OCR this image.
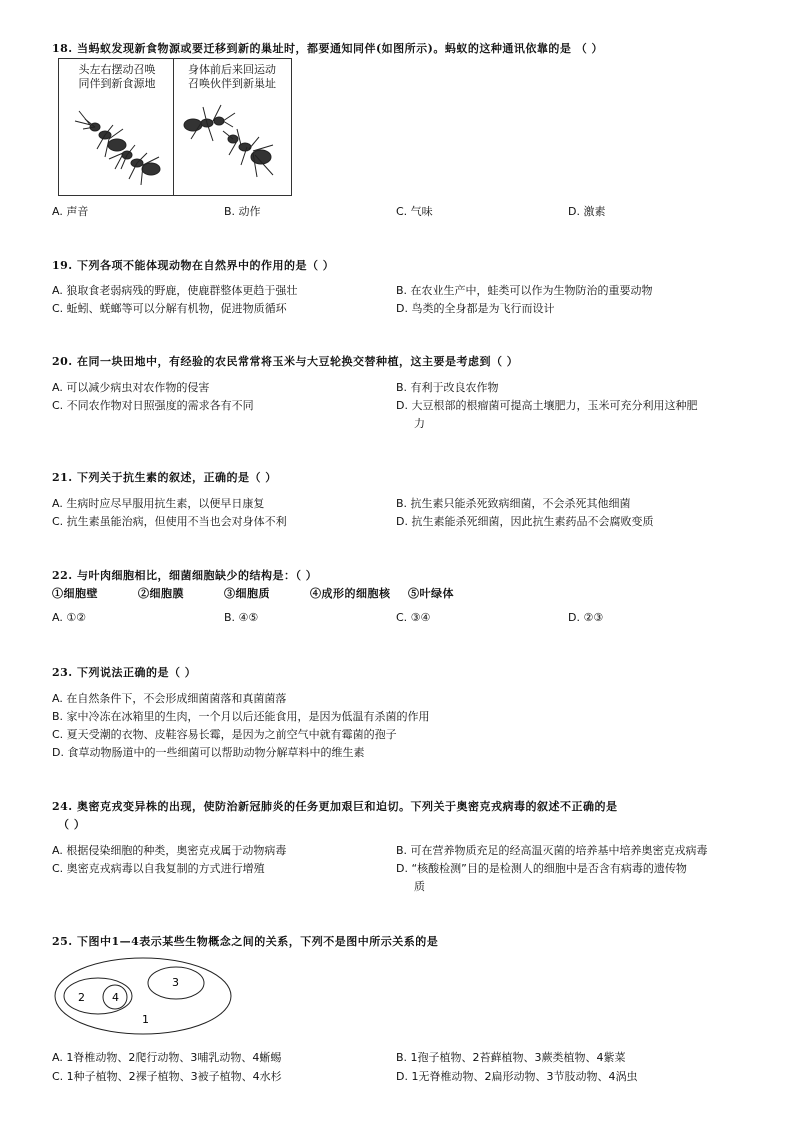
18. 当蚂蚁发现新食物源或要迁移到新的巢址时，都要通知同伴(如图所示)。蚂蚁的这种通讯依靠的是 （ ）
头左右摆动召唤
同伴到新食源地
身体前后来回运动
召唤伙伴到新巢址
A. 声音	B. 动作	C. 气味	D. 激素
19. 下列各项不能体现动物在自然界中的作用的是（ ）
A. 狼取食老弱病残的野鹿，使鹿群整体更趋于强壮	B. 在农业生产中，蛙类可以作为生物防治的重要动物
C. 蚯蚓、蜣螂等可以分解有机物，促进物质循环	D. 鸟类的全身都是为飞行而设计
20. 在同一块田地中，有经验的农民常常将玉米与大豆轮换交替种植，这主要是考虑到（ ）
A. 可以减少病虫对农作物的侵害	B. 有利于改良农作物
C. 不同农作物对日照强度的需求各有不同	D. 大豆根部的根瘤菌可提高土壤肥力，玉米可充分利用这种肥
力
21. 下列关于抗生素的叙述，正确的是（ ）
A. 生病时应尽早服用抗生素，以便早日康复	B. 抗生素只能杀死致病细菌，不会杀死其他细菌
C. 抗生素虽能治病，但使用不当也会对身体不利	D. 抗生素能杀死细菌，因此抗生素药品不会腐败变质
22. 与叶肉细胞相比，细菌细胞缺少的结构是：（ ）
①细胞壁	②细胞膜	③细胞质	④成形的细胞核 ⑤叶绿体
A. ①②	B. ④⑤	C. ③④	D. ②③
23. 下列说法正确的是（ ）
A. 在自然条件下，不会形成细菌菌落和真菌菌落
B. 家中冷冻在冰箱里的生肉，一个月以后还能食用，是因为低温有杀菌的作用
C. 夏天受潮的衣物、皮鞋容易长霉，是因为之前空气中就有霉菌的孢子
D. 食草动物肠道中的一些细菌可以帮助动物分解草料中的维生素
24. 奥密克戎变异株的出现，使防治新冠肺炎的任务更加艰巨和迫切。下列关于奥密克戎病毒的叙述不正确的是
（ ）
A. 根据侵染细胞的种类，奥密克戎属于动物病毒	B. 可在营养物质充足的经高温灭菌的培养基中培养奥密克戎病毒
C. 奥密克戎病毒以自我复制的方式进行增殖	D. “核酸检测”目的是检测人的细胞中是否含有病毒的遗传物
质
25. 下图中1—4表示某些生物概念之间的关系，下列不是图中所示关系的是
2 4
3
1
A. 1脊椎动物、2爬行动物、3哺乳动物、4蜥蜴	B. 1孢子植物、2苔藓植物、3蕨类植物、4紫菜
C. 1种子植物、2裸子植物、3被子植物、4水杉	D. 1无脊椎动物、2扁形动物、3节肢动物、4涡虫
